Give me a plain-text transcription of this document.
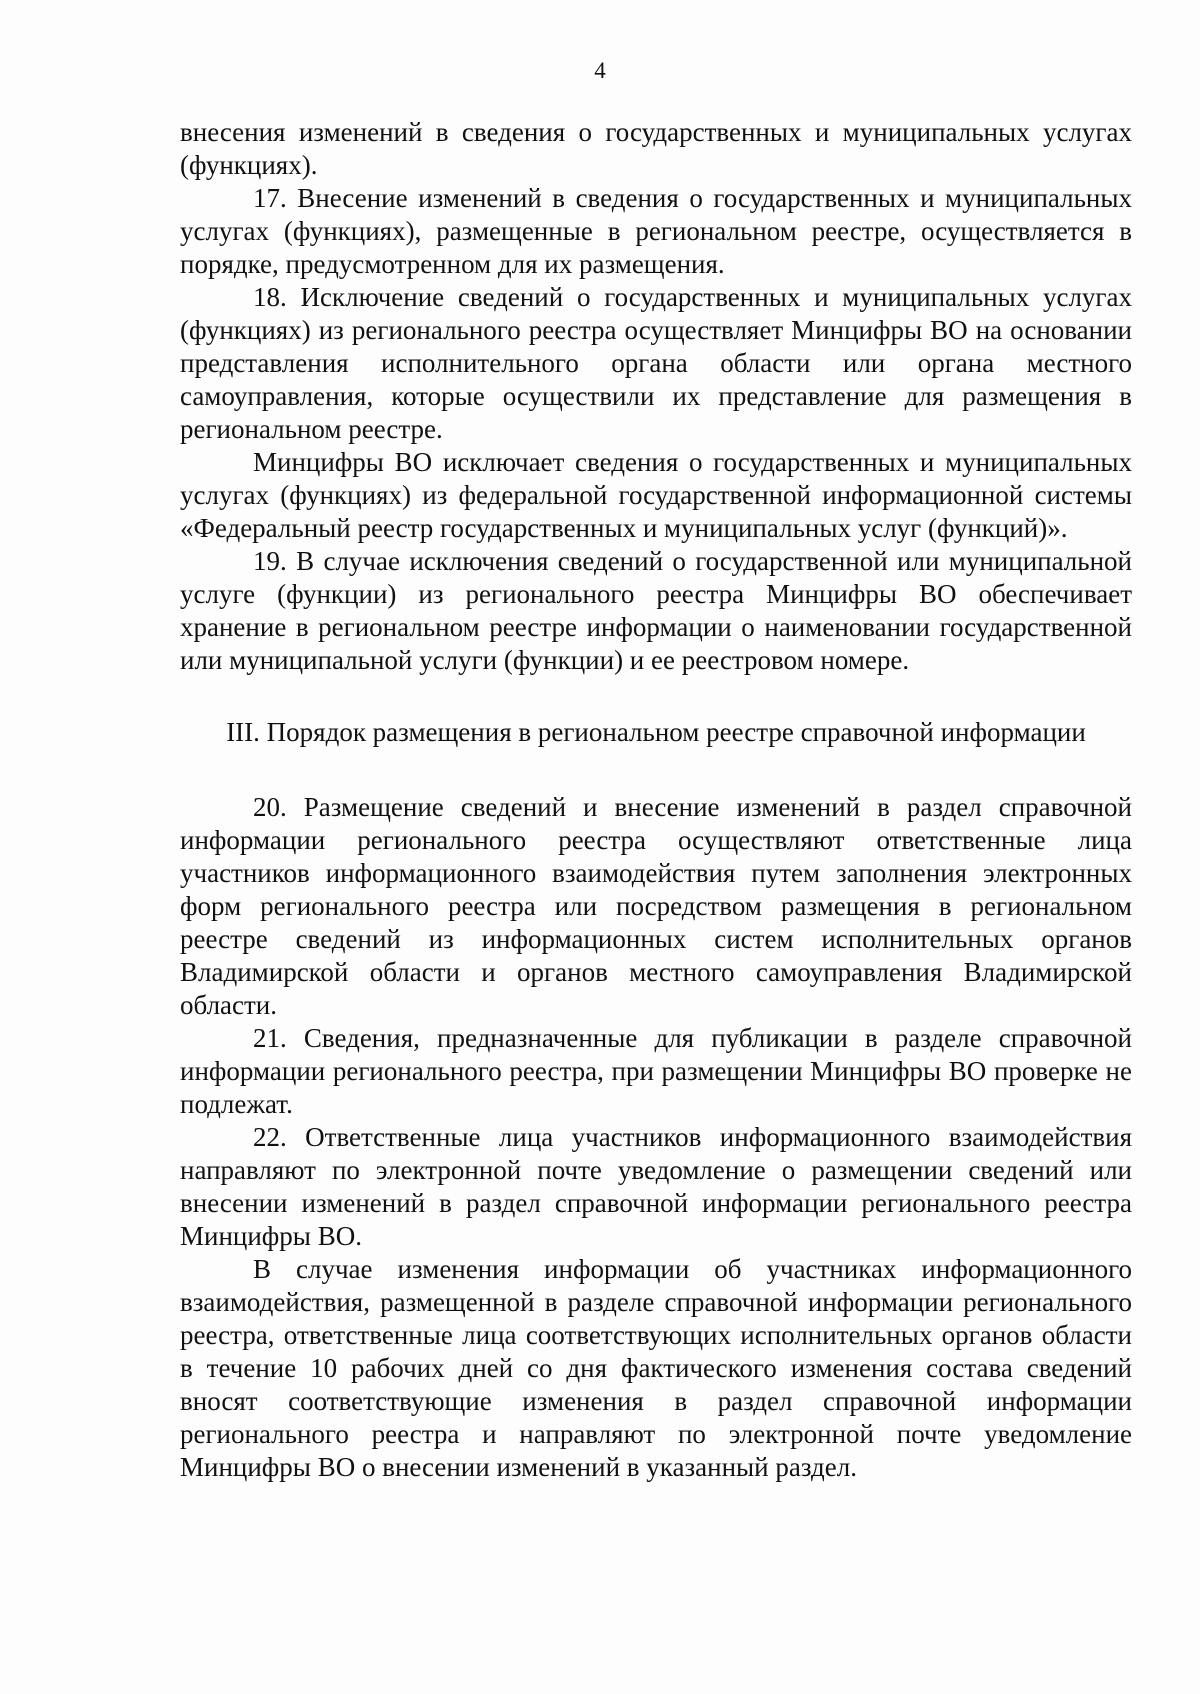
4

внесения изменений в сведения о государственных и муниципальных услугах (функциях).

17. Внесение изменений в сведения о государственных и муниципальных услугах (функциях), размещенные в региональном реестре, осуществляется в порядке, предусмотренном для их размещения.

18. Исключение сведений о государственных и муниципальных услугах (функциях) из регионального реестра осуществляет Минцифры ВО на основании представления исполнительного органа области или органа местного самоуправления, которые осуществили их представление для размещения в региональном реестре.

Минцифры ВО исключает сведения о государственных и муниципальных услугах (функциях) из федеральной государственной информационной системы «Федеральный реестр государственных и муниципальных услуг (функций)».

19. В случае исключения сведений о государственной или муниципальной услуге (функции) из регионального реестра Минцифры ВО обеспечивает хранение в региональном реестре информации о наименовании государственной или муниципальной услуги (функции) и ее реестровом номере.

III. Порядок размещения в региональном реестре справочной информации

20. Размещение сведений и внесение изменений в раздел справочной информации регионального реестра осуществляют ответственные лица участников информационного взаимодействия путем заполнения электронных форм регионального реестра или посредством размещения в региональном реестре сведений из информационных систем исполнительных органов Владимирской области и органов местного самоуправления Владимирской области.

21. Сведения, предназначенные для публикации в разделе справочной информации регионального реестра, при размещении Минцифры ВО проверке не подлежат.

22. Ответственные лица участников информационного взаимодействия направляют по электронной почте уведомление о размещении сведений или внесении изменений в раздел справочной информации регионального реестра Минцифры ВО.

В случае изменения информации об участниках информационного взаимодействия, размещенной в разделе справочной информации регионального реестра, ответственные лица соответствующих исполнительных органов области в течение 10 рабочих дней со дня фактического изменения состава сведений вносят соответствующие изменения в раздел справочной информации регионального реестра и направляют по электронной почте уведомление Минцифры ВО о внесении изменений в указанный раздел.
